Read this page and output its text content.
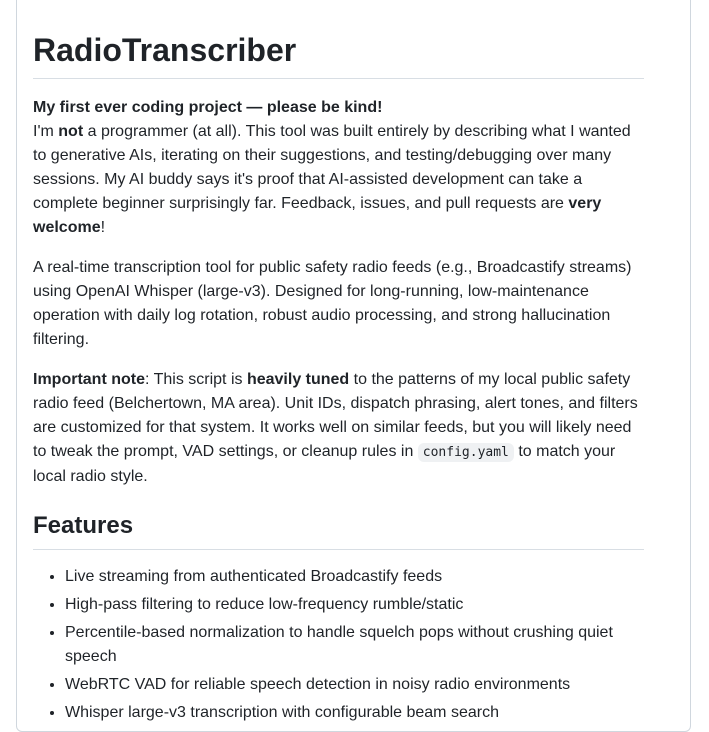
RadioTranscriber

My first ever coding project — please be kind!
I'm not a programmer (at all). This tool was built entirely by describing what I wanted to generative AIs, iterating on their suggestions, and testing/debugging over many sessions. My AI buddy says it's proof that AI-assisted development can take a complete beginner surprisingly far. Feedback, issues, and pull requests are very welcome!

A real-time transcription tool for public safety radio feeds (e.g., Broadcastify streams) using OpenAI Whisper (large-v3). Designed for long-running, low-maintenance operation with daily log rotation, robust audio processing, and strong hallucination filtering.

Important note: This script is heavily tuned to the patterns of my local public safety radio feed (Belchertown, MA area). Unit IDs, dispatch phrasing, alert tones, and filters are customized for that system. It works well on similar feeds, but you will likely need to tweak the prompt, VAD settings, or cleanup rules in config.yaml to match your local radio style.

Features
• Live streaming from authenticated Broadcastify feeds
• High-pass filtering to reduce low-frequency rumble/static
• Percentile-based normalization to handle squelch pops without crushing quiet speech
• WebRTC VAD for reliable speech detection in noisy radio environments
• Whisper large-v3 transcription with configurable beam search
